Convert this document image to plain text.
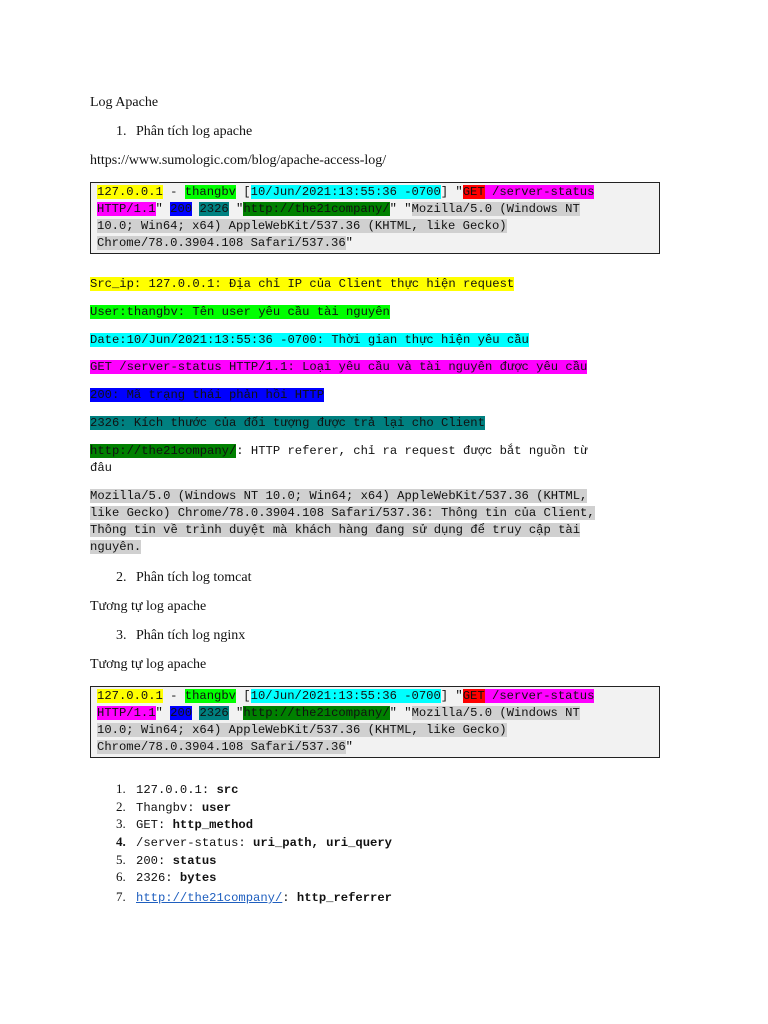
Log Apache
1. Phân tích log apache
https://www.sumologic.com/blog/apache-access-log/
127.0.0.1 - thangbv [10/Jun/2021:13:55:36 -0700] "GET /server-status
HTTP/1.1" 200 2326 "http://the21company/" "Mozilla/5.0 (Windows NT
10.0; Win64; x64) AppleWebKit/537.36 (KHTML, like Gecko)
Chrome/78.0.3904.108 Safari/537.36"
Src_ip: 127.0.0.1: Địa chỉ IP của Client thực hiện request
User:thangbv: Tên user yêu cầu tài nguyên
Date:10/Jun/2021:13:55:36 -0700: Thời gian thực hiện yêu cầu
GET /server-status HTTP/1.1: Loại yêu cầu và tài nguyên được yêu cầu
200: Mã trạng thái phản hồi HTTP
2326: Kích thước của đối tượng được trả lại cho Client
http://the21company/: HTTP referer, chỉ ra request được bắt nguồn từ
đâu
Mozilla/5.0 (Windows NT 10.0; Win64; x64) AppleWebKit/537.36 (KHTML,
like Gecko) Chrome/78.0.3904.108 Safari/537.36: Thông tin của Client,
Thông tin về trình duyệt mà khách hàng đang sử dụng để truy cập tài
nguyên.
2. Phân tích log tomcat
Tương tự log apache
3. Phân tích log nginx
Tương tự log apache
127.0.0.1 - thangbv [10/Jun/2021:13:55:36 -0700] "GET /server-status
HTTP/1.1" 200 2326 "http://the21company/" "Mozilla/5.0 (Windows NT
10.0; Win64; x64) AppleWebKit/537.36 (KHTML, like Gecko)
Chrome/78.0.3904.108 Safari/537.36"
1. 127.0.0.1: src
2. Thangbv: user
3. GET: http_method
4. /server-status: uri_path, uri_query
5. 200: status
6. 2326: bytes
7. http://the21company/: http_referrer
